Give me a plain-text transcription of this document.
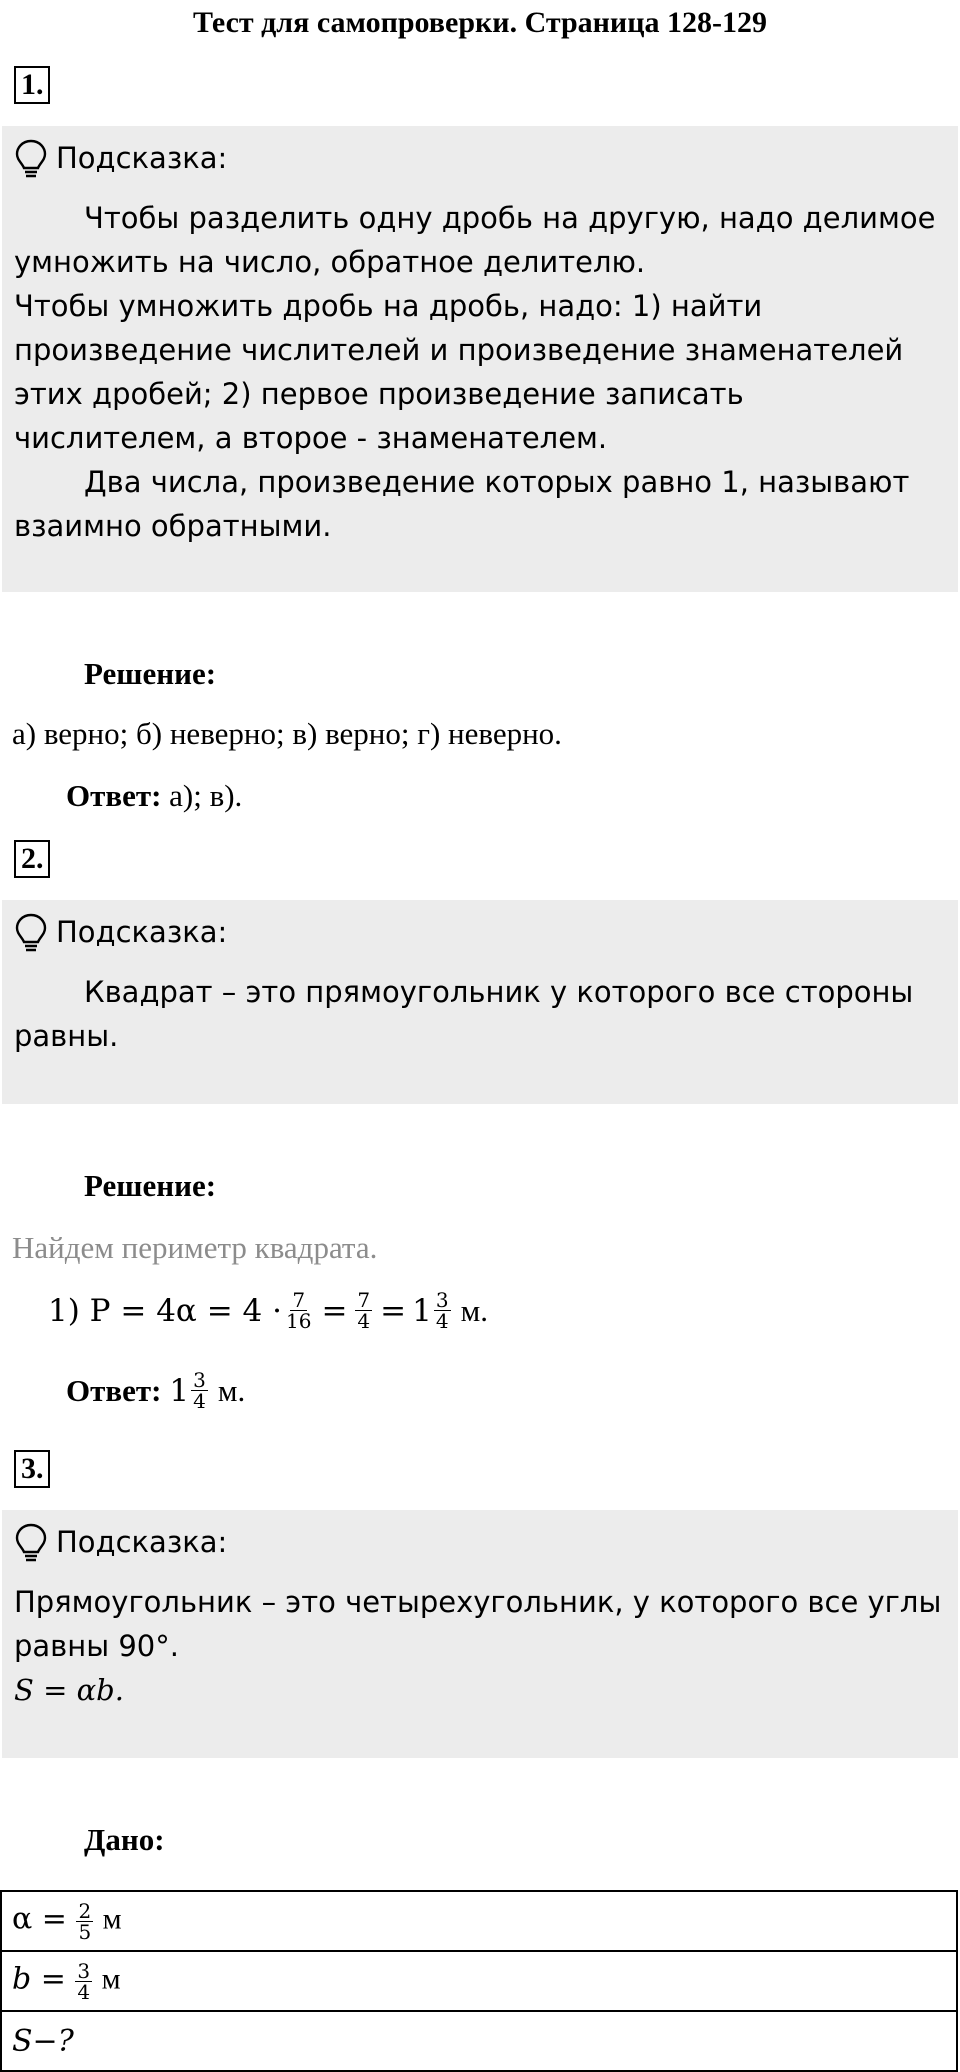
Тест для самопроверки. Страница 128-129
1.
Подсказка:
Чтобы разделить одну дробь на другую, надо делимое умножить на число, обратное делителю.
Чтобы умножить дробь на дробь, надо: 1) найти произведение числителей и произведение знаменателей этих дробей; 2) первое произведение записать числителем, а второе - знаменателем.
Два числа, произведение которых равно 1, называют взаимно обратными.
Решение:
а) верно; б) неверно; в) верно; г) неверно.
Ответ: а); в).
2.
Подсказка:
Квадрат – это прямоугольник у которого все стороны равны.
Решение:
Найдем периметр квадрата.
1) $P = 4\alpha = 4 \cdot \frac{7}{16} = \frac{7}{4} = 1 \frac{3}{4} м$.
Ответ: $1 \frac{3}{4} м$.
3.
Подсказка:
Прямоугольник – это четырехугольник, у которого все углы равны 90°.
S = αb.
Дано:
$\alpha = \frac{2}{5}$ м
$b = \frac{3}{4}$ м
S−?
